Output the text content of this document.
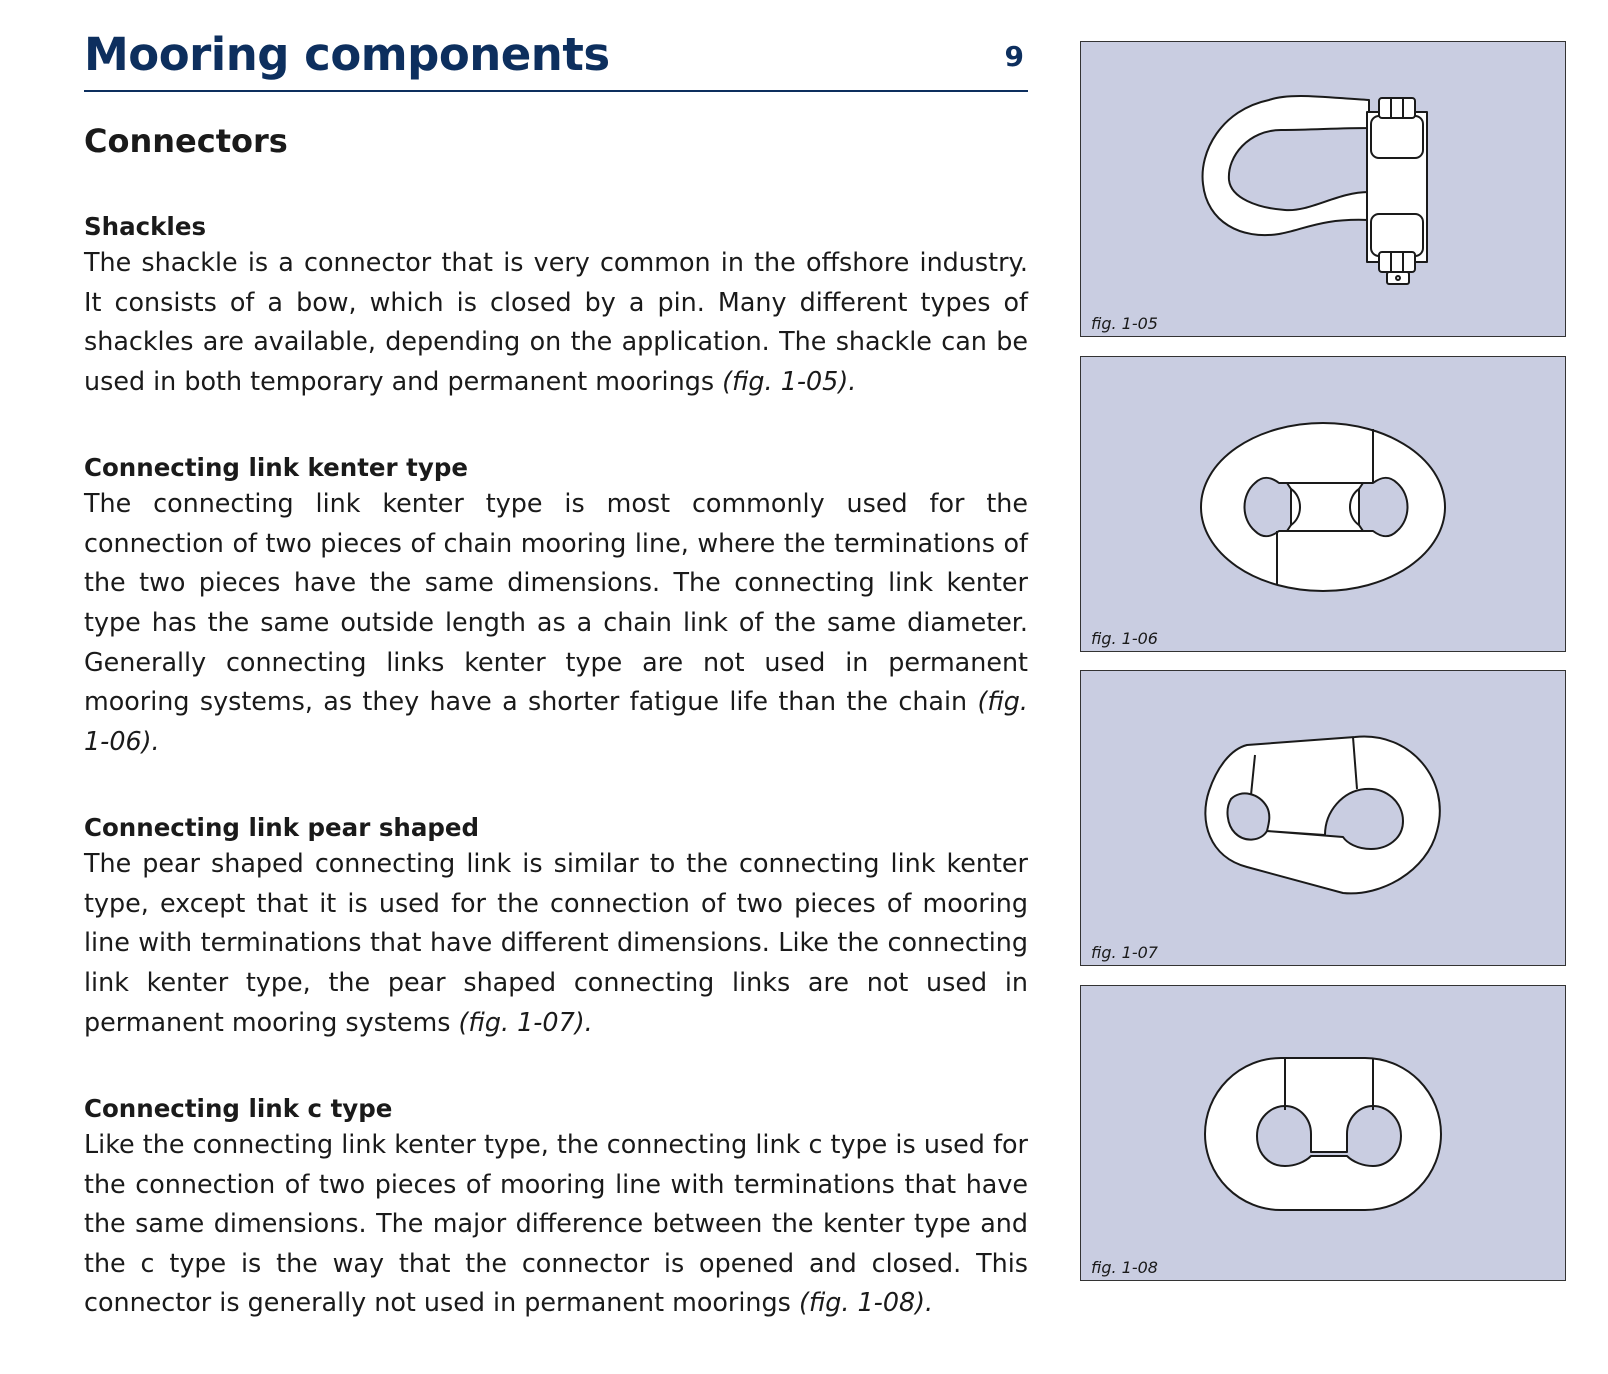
Mooring components	9
Connectors
Shackles

The shackle is a connector that is very common in the offshore industry. It consists of a bow, which is closed by a pin. Many different types of shackles are available, depending on the application. The shackle can be used in both temporary and permanent moorings (fig. 1-05).

Connecting link kenter type

The connecting link kenter type is most commonly used for the connection of two pieces of chain mooring line, where the terminations of the two pieces have the same dimensions. The connecting link kenter type has the same outside length as a chain link of the same diameter. Generally connecting links kenter type are not used in permanent mooring systems, as they have a shorter fatigue life than the chain (fig. 1-06).

Connecting link pear shaped

The pear shaped connecting link is similar to the connecting link kenter type, except that it is used for the connection of two pieces of mooring line with terminations that have different dimensions. Like the connecting link kenter type, the pear shaped connecting links are not used in permanent mooring systems (fig. 1-07).

Connecting link c type

Like the connecting link kenter type, the connecting link c type is used for the connection of two pieces of mooring line with terminations that have the same dimensions. The major difference between the kenter type and the c type is the way that the connector is opened and closed. This connector is generally not used in permanent moorings (fig. 1-08).

fig. 1-05
fig. 1-06
fig. 1-07
fig. 1-08
